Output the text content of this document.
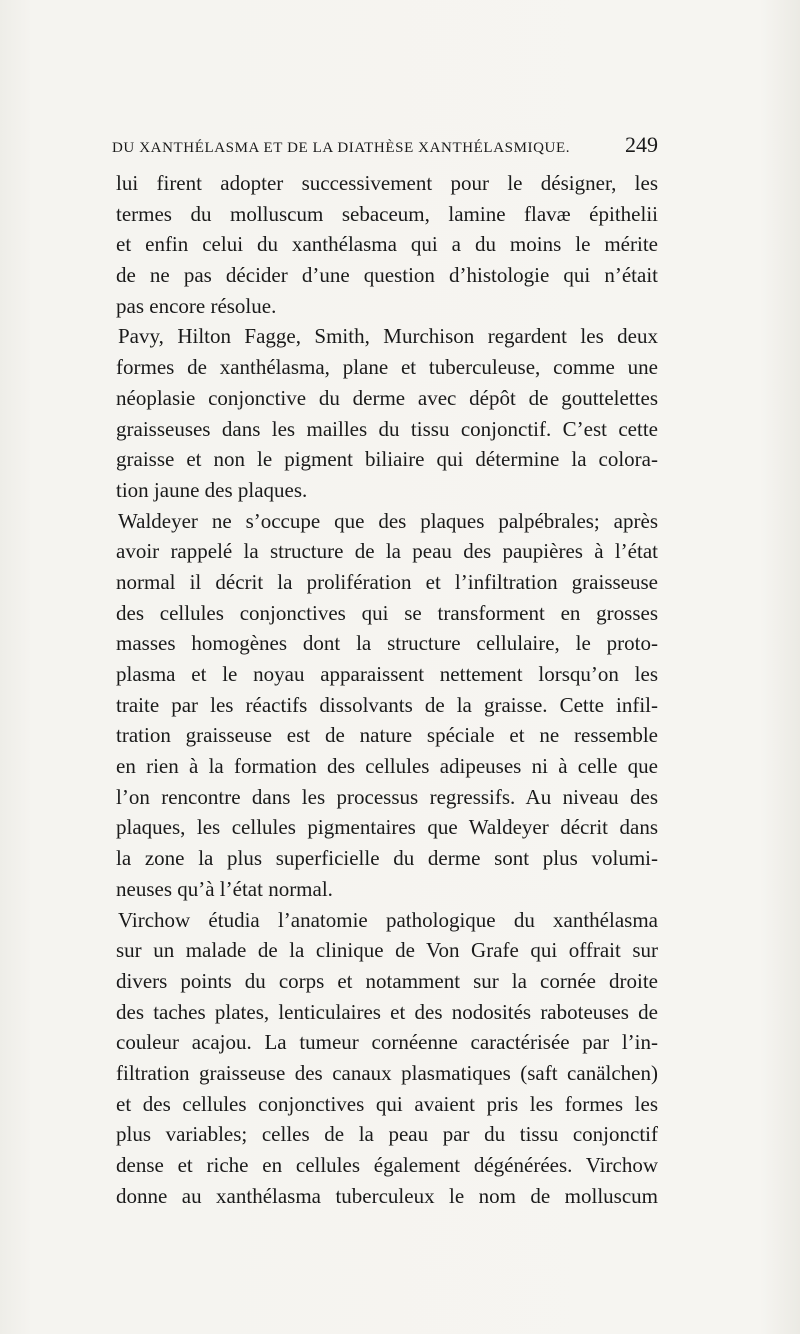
DU XANTHÉLASMA ET DE LA DIATHÈSE XANTHÉLASMIQUE. 249
lui firent adopter successivement pour le désigner, les
termes du molluscum sebaceum, lamine flavæ épithelii
et enfin celui du xanthélasma qui a du moins le mérite
de ne pas décider d’une question d’histologie qui n’était
pas encore résolue.
Pavy, Hilton Fagge, Smith, Murchison regardent les deux
formes de xanthélasma, plane et tuberculeuse, comme une
néoplasie conjonctive du derme avec dépôt de gouttelettes
graisseuses dans les mailles du tissu conjonctif. C’est cette
graisse et non le pigment biliaire qui détermine la colora-
tion jaune des plaques.
Waldeyer ne s’occupe que des plaques palpébrales; après
avoir rappelé la structure de la peau des paupières à l’état
normal il décrit la prolifération et l’infiltration graisseuse
des cellules conjonctives qui se transforment en grosses
masses homogènes dont la structure cellulaire, le proto-
plasma et le noyau apparaissent nettement lorsqu’on les
traite par les réactifs dissolvants de la graisse. Cette infil-
tration graisseuse est de nature spéciale et ne ressemble
en rien à la formation des cellules adipeuses ni à celle que
l’on rencontre dans les processus regressifs. Au niveau des
plaques, les cellules pigmentaires que Waldeyer décrit dans
la zone la plus superficielle du derme sont plus volumi-
neuses qu’à l’état normal.
Virchow étudia l’anatomie pathologique du xanthélasma
sur un malade de la clinique de Von Grafe qui offrait sur
divers points du corps et notamment sur la cornée droite
des taches plates, lenticulaires et des nodosités raboteuses de
couleur acajou. La tumeur cornéenne caractérisée par l’in-
filtration graisseuse des canaux plasmatiques (saft canälchen)
et des cellules conjonctives qui avaient pris les formes les
plus variables; celles de la peau par du tissu conjonctif
dense et riche en cellules également dégénérées. Virchow
donne au xanthélasma tuberculeux le nom de molluscum
